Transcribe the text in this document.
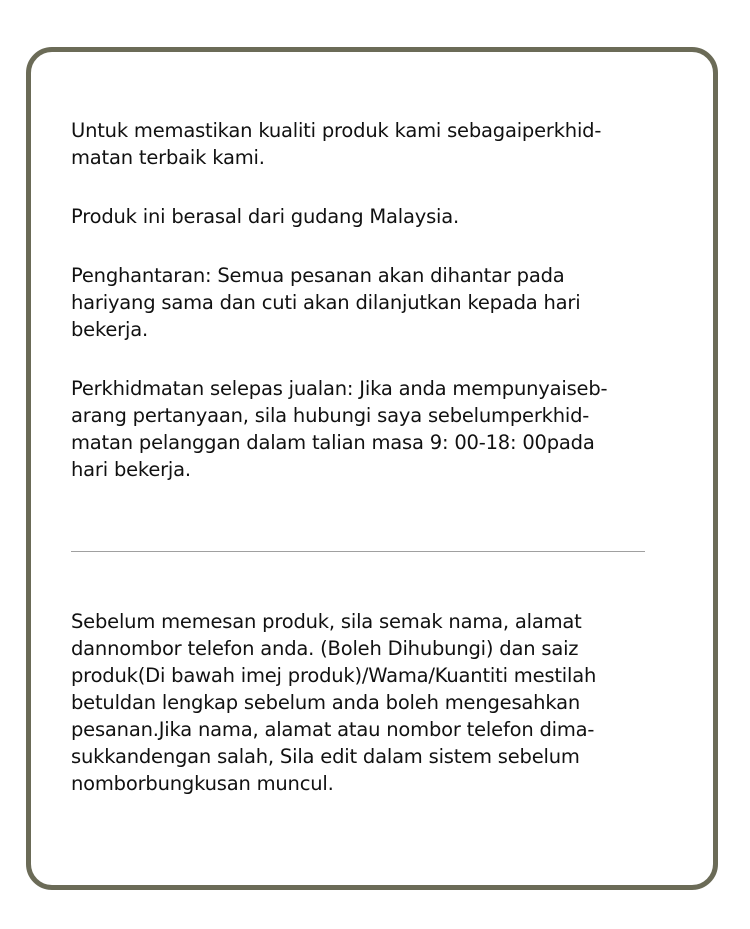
Untuk memastikan kualiti produk kami sebagaiperkhid-
matan terbaik kami.

Produk ini berasal dari gudang Malaysia.

Penghantaran: Semua pesanan akan dihantar pada
hariyang sama dan cuti akan dilanjutkan kepada hari
bekerja.

Perkhidmatan selepas jualan: Jika anda mempunyaiseb-
arang pertanyaan, sila hubungi saya sebelumperkhid-
matan pelanggan dalam talian masa 9: 00-18: 00pada
hari bekerja.

Sebelum memesan produk, sila semak nama, alamat
dannombor telefon anda. (Boleh Dihubungi) dan saiz
produk(Di bawah imej produk)/Wama/Kuantiti mestilah
betuldan lengkap sebelum anda boleh mengesahkan
pesanan.Jika nama, alamat atau nombor telefon dima-
sukkandengan salah, Sila edit dalam sistem sebelum
nomborbungkusan muncul.
